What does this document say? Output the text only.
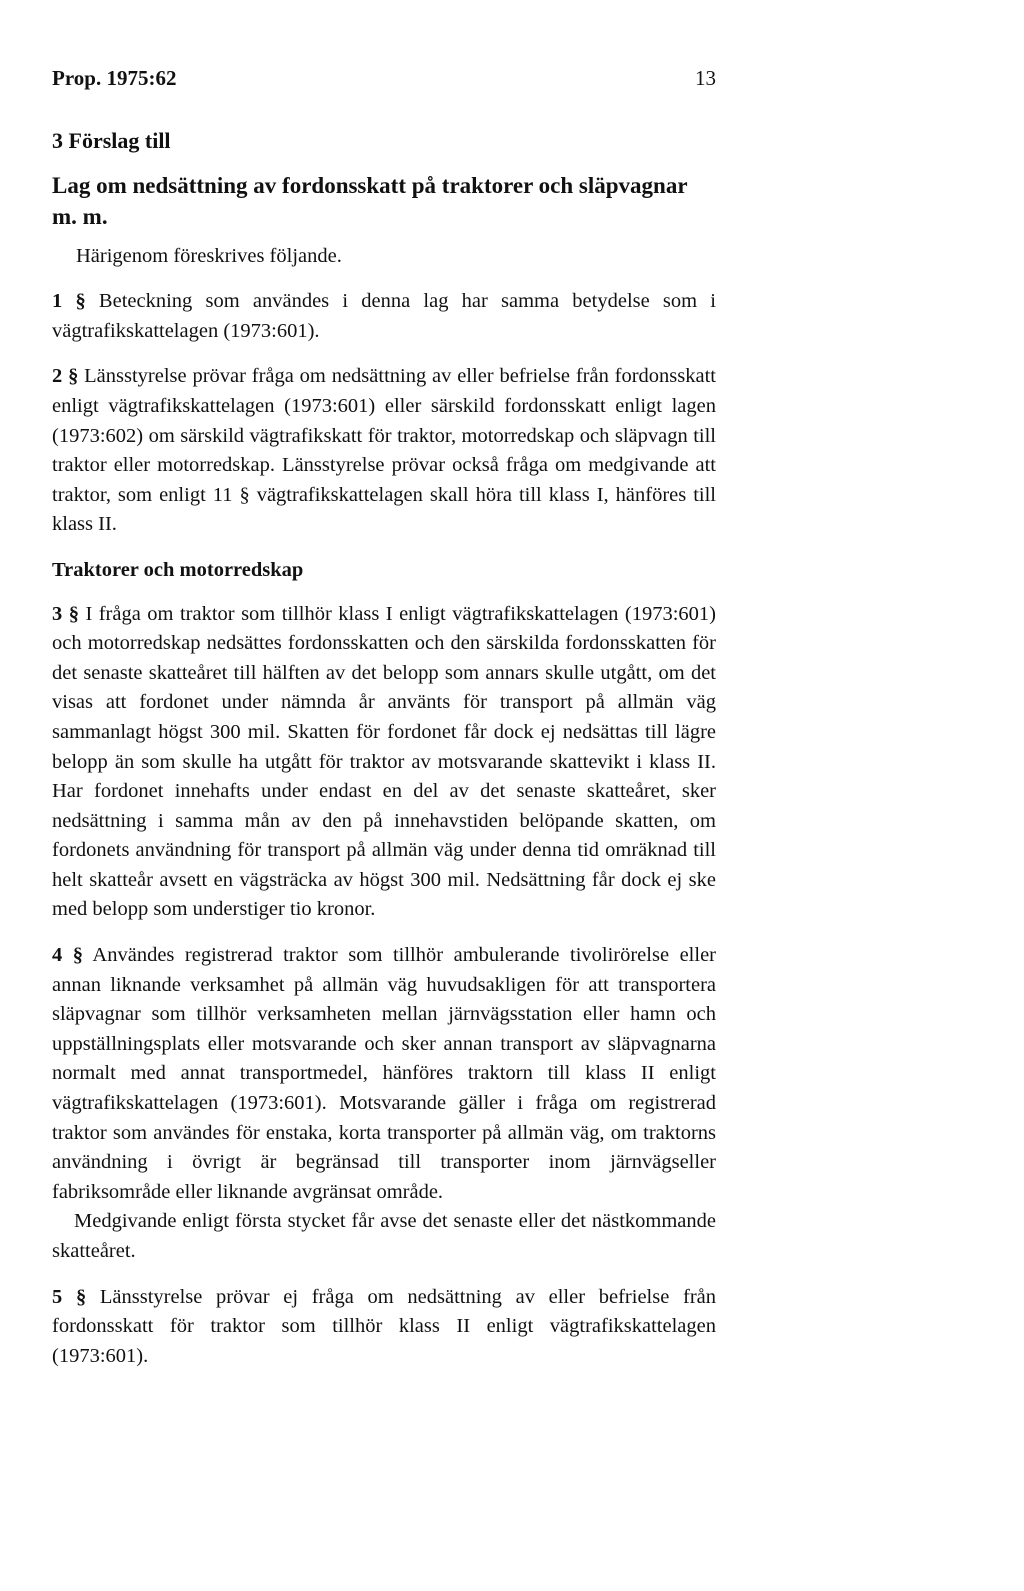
Prop. 1975:62	13
3 Förslag till
Lag om nedsättning av fordonsskatt på traktorer och släpvagnar m. m.

Härigenom föreskrives följande.

1 § Beteckning som användes i denna lag har samma betydelse som i vägtrafikskattelagen (1973:601).

2 § Länsstyrelse prövar fråga om nedsättning av eller befrielse från fordonsskatt enligt vägtrafikskattelagen (1973:601) eller särskild fordonsskatt enligt lagen (1973:602) om särskild vägtrafikskatt för traktor, motorredskap och släpvagn till traktor eller motorredskap. Länsstyrelse prövar också fråga om medgivande att traktor, som enligt 11 § vägtrafikskattelagen skall höra till klass I, hänföres till klass II.

Traktorer och motorredskap

3 § I fråga om traktor som tillhör klass I enligt vägtrafikskattelagen (1973:601) och motorredskap nedsättes fordonsskatten och den särskilda fordonsskatten för det senaste skatteåret till hälften av det belopp som annars skulle utgått, om det visas att fordonet under nämnda år använts för transport på allmän väg sammanlagt högst 300 mil. Skatten för fordonet får dock ej nedsättas till lägre belopp än som skulle ha utgått för traktor av motsvarande skattevikt i klass II. Har fordonet innehafts under endast en del av det senaste skatteåret, sker nedsättning i samma mån av den på innehavstiden belöpande skatten, om fordonets användning för transport på allmän väg under denna tid omräknad till helt skatteår avsett en vägsträcka av högst 300 mil. Nedsättning får dock ej ske med belopp som understiger tio kronor.

4 § Användes registrerad traktor som tillhör ambulerande tivolirörelse eller annan liknande verksamhet på allmän väg huvudsakligen för att transportera släpvagnar som tillhör verksamheten mellan järnvägsstation eller hamn och uppställningsplats eller motsvarande och sker annan transport av släpvagnarna normalt med annat transportmedel, hänföres traktorn till klass II enligt vägtrafikskattelagen (1973:601). Motsvarande gäller i fråga om registrerad traktor som användes för enstaka, korta transporter på allmän väg, om traktorns användning i övrigt är begränsad till transporter inom järnvägseller fabriksområde eller liknande avgränsat område.

Medgivande enligt första stycket får avse det senaste eller det nästkommande skatteåret.

5 § Länsstyrelse prövar ej fråga om nedsättning av eller befrielse från fordonsskatt för traktor som tillhör klass II enligt vägtrafikskattelagen (1973:601).
